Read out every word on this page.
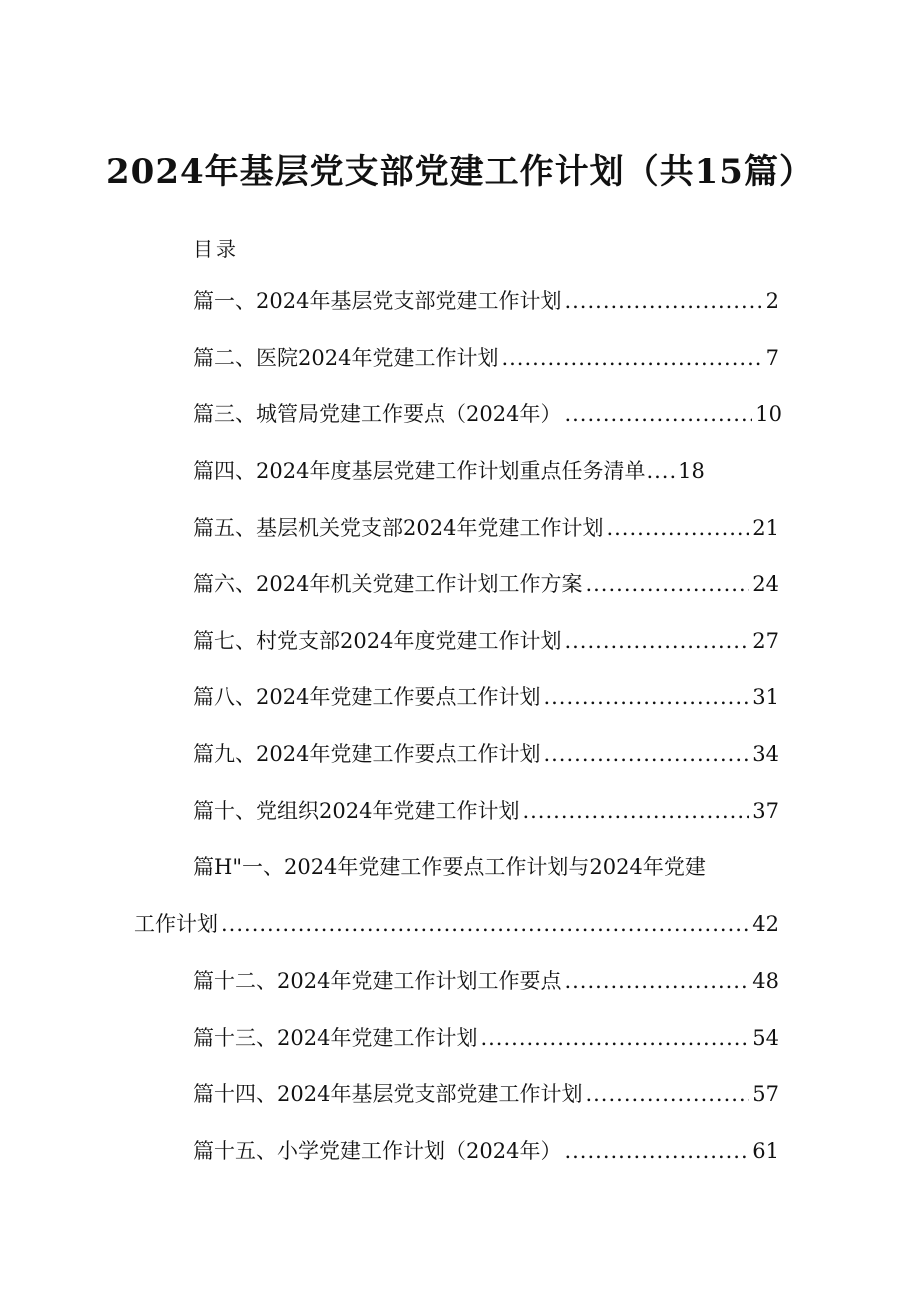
2024年基层党支部党建工作计划（共15篇）
目录
篇一、2024年基层党支部党建工作计划 .....	2
篇二、医院2024年党建工作计划 .....	7
篇三、城管局党建工作要点（2024年） .....	10
篇四、2024年度基层党建工作计划重点任务清单 .... 18
篇五、基层机关党支部2024年党建工作计划 .....	21
篇六、2024年机关党建工作计划工作方案 .....	24
篇七、村党支部2024年度党建工作计划 .....	27
篇八、2024年党建工作要点工作计划 .....	31
篇九、2024年党建工作要点工作计划 .....	34
篇十、党组织2024年党建工作计划 .....	37
篇H"一、2024年党建工作要点工作计划与2024年党建
工作计划 .....	42
篇十二、2024年党建工作计划工作要点 .....	48
篇十三、2024年党建工作计划 .....	54
篇十四、2024年基层党支部党建工作计划 .....	57
篇十五、小学党建工作计划（2024年） .....	61
